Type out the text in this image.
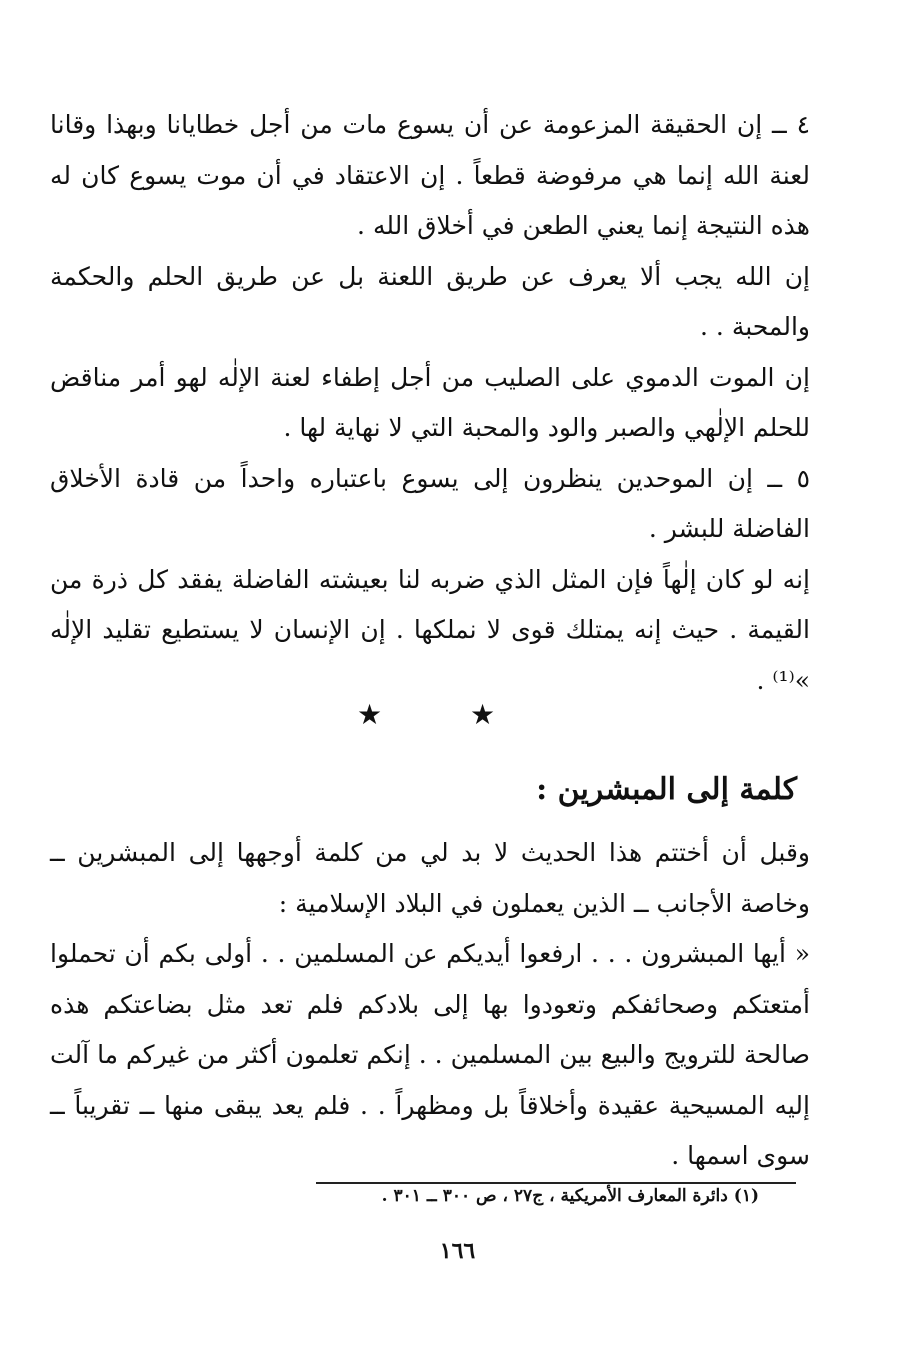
٤ ــ إن الحقيقة المزعومة عن أن يسوع مات من أجل خطايانا وبهذا وقانا لعنة الله إنما هي مرفوضة قطعاً . إن الاعتقاد في أن موت يسوع كان له هذه النتيجة إنما يعني الطعن في أخلاق الله .

إن الله يجب ألا يعرف عن طريق اللعنة بل عن طريق الحلم والحكمة والمحبة . .

إن الموت الدموي على الصليب من أجل إطفاء لعنة الإلٰه لهو أمر مناقض للحلم الإلٰهي والصبر والود والمحبة التي لا نهاية لها .

٥ ــ إن الموحدين ينظرون إلى يسوع باعتباره واحداً من قادة الأخلاق الفاضلة للبشر .

إنه لو كان إلٰهاً فإن المثل الذي ضربه لنا بعيشته الفاضلة يفقد كل ذرة من القيمة . حيث إنه يمتلك قوى لا نملكها . إن الإنسان لا يستطيع تقليد الإلٰه »⁽¹⁾ .

★	★
كلمة إلى المبشرين :

وقبل أن أختتم هذا الحديث لا بد لي من كلمة أوجهها إلى المبشرين ــ وخاصة الأجانب ــ الذين يعملون في البلاد الإسلامية :

« أيها المبشرون . . . ارفعوا أيديكم عن المسلمين . . أولى بكم أن تحملوا أمتعتكم وصحائفكم وتعودوا بها إلى بلادكم فلم تعد مثل بضاعتكم هذه صالحة للترويج والبيع بين المسلمين . . إنكم تعلمون أكثر من غيركم ما آلت إليه المسيحية عقيدة وأخلاقاً بل ومظهراً . . فلم يعد يبقى منها ــ تقريباً ــ سوى اسمها .

(١) دائرة المعارف الأمريكية ، ج٢٧ ، ص ٣٠٠ ــ ٣٠١ .
١٦٦
